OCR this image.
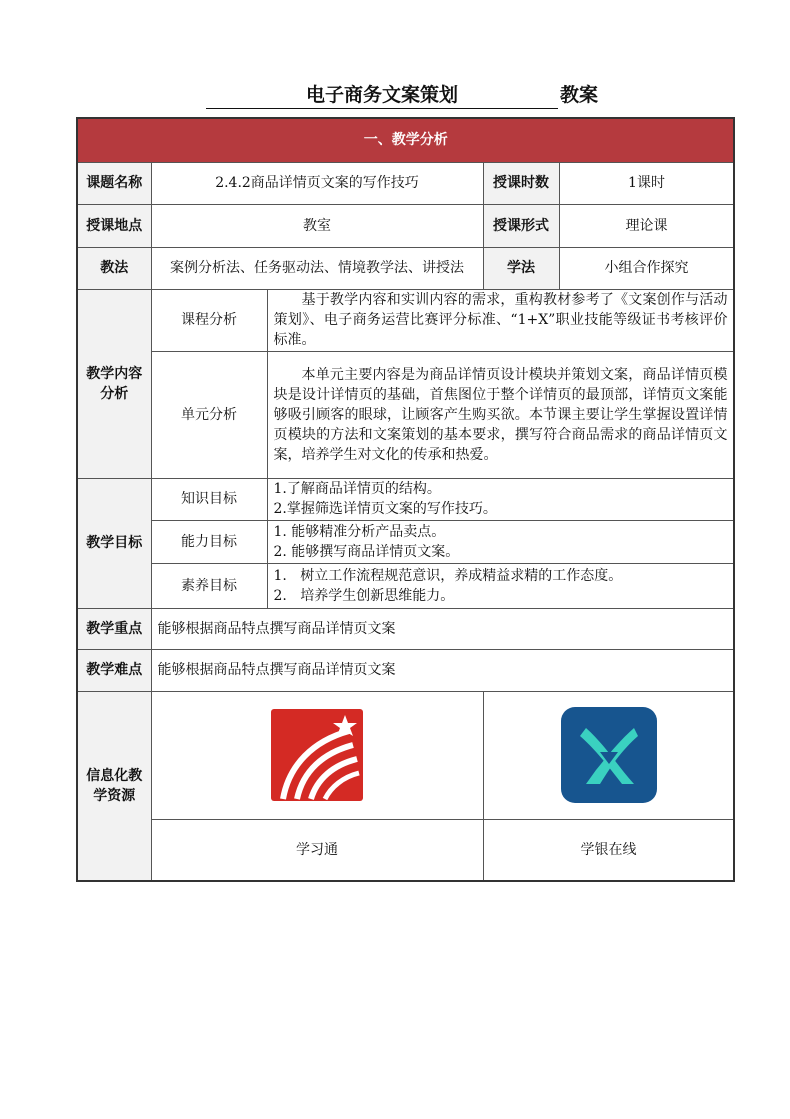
电子商务文案策划	教案
一、教学分析					
课题名称	2.4.2商品详情页文案的写作技巧		授课时数	1课时	
授课地点	教室		授课形式	理论课	
教法	案例分析法、任务驱动法、情境教学法、讲授法		学法	小组合作探究	
教学内容分析	课程分析	基于教学内容和实训内容的需求，重构教材参考了《文案创作与活动策划》、电子商务运营比赛评分标准、“1+X”职业技能等级证书考核评价标准。			
	单元分析	本单元主要内容是为商品详情页设计模块并策划文案，商品详情页模块是设计详情页的基础，首焦图位于整个详情页的最顶部，详情页文案能够吸引顾客的眼球，让顾客产生购买欲。本节课主要让学生掌握设置详情页模块的方法和文案策划的基本要求，撰写符合商品需求的商品详情页文案，培养学生对文化的传承和热爱。			
教学目标	知识目标	1.了解商品详情页的结构。
2.掌握筛选详情页文案的写作技巧。			

	能力目标	1. 能够精准分析产品卖点。
2. 能够撰写商品详情页文案。			

	素养目标	1.   树立工作流程规范意识，养成精益求精的工作态度。
2.   培养学生创新思维能力。			

教学重点	能够根据商品特点撰写商品详情页文案				
教学难点	能够根据商品特点撰写商品详情页文案				
信息化教学资源			

	学习通		学银在线	
